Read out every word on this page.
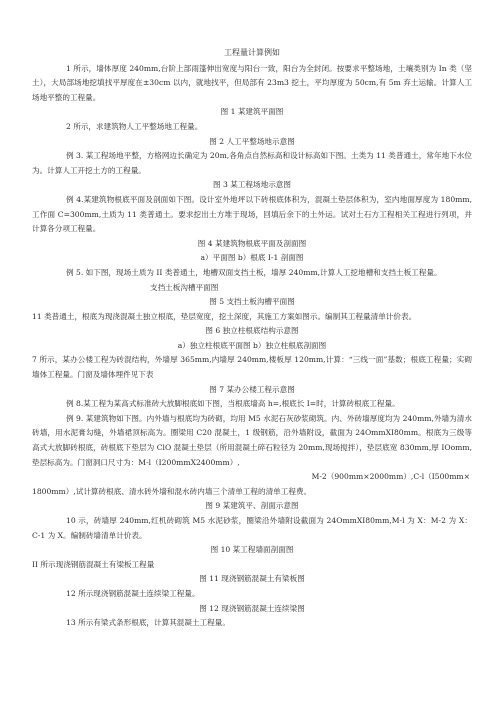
工程量计算例如

1 所示，墙体厚度 240mm,台阶上部雨篷伸出宽度与阳台一致，阳台为全封闭。按要求平整场地，土壤类别为 In 类（坚土），大局部场地挖填找平厚度在±30cm 以内，就地找平，但局部有 23m3 挖土，平均厚度为 50cm,有 5m 弃土运输。计算人工场地平整的工程量。

图 1 某建筑平面图

2 所示，求建筑物人工平整场地工程量。

图 2 人工平整场地示意图

例 3. 某工程场地平整，方格网边长确定为 20m,各角点自然标高和设计标高如下图。土类为 11 类普通土，常年地下水位为。计算人工开挖土方的工程量。

图 3 某工程场地示意图

例 4.某建筑物根底平面及剖面如下图。设计室外地坪以下砖根底体积为，混凝土垫层体积为，室内地面厚度为 180mm,工作面 C=300mm,土质为 11 类普通土。要求挖出土方堆于现场，回填后余下的土外运。试对土石方工程相关工程进行列项，并计算各分项工程量。

图 4 某建筑物根底平面及剖面图

a）平面图 b）根底 I-1 剖面图

例 5. 如下图，现场土质为 II 类普通土，地槽双面支挡土板，墙厚 240mm,计算人工挖地槽和支挡土板工程量。

支挡土板沟槽平面图

图 5 支挡土板沟槽平面图

11 类普通土，根底为现浇混凝土独立根底，垫层宽度，挖土深度，其施工方案如图示。编制其工程量清单计价表。

图 6 独立柱根底结构示意图

a）独立柱根底平面图 b）独立柱根底剖面图

7 所示，某办公楼工程为砖混结构，外墙厚 365mm,内墙厚 240mm,楼板厚 120mm,计算：“三线一面”基数；根底工程量；实砌墙体工程量。门窗及墙体埋件见下表

图 7 某办公楼工程示意图

例 8.某工程为某高式标准砖大放脚根底如下图，当根底墙高 h=,根底长 I=时，计算砖根底工程量。

例 9. 某建筑物如下图。内外墙与根底均为砖砌，均用 M5 水泥石灰砂浆砌筑。内、外砖墙厚度均为 240mm,外墙为清水砖墙，用水泥膏勾缝，外墙裙顶标高为。圈梁用 C20 混凝土，1 级钢筋，沿外墙附设，截面为 24OmmXI80mm。根底为三级等高式大放脚砖根底，砖根底下垫层为 ClO 混凝土垫层（所用混凝土碎石粒径为 20mm,现场搅拌），垫层底宽 830mm,厚 IOomm,垫层标高为。门窗洞口尺寸为：M-l（I200mmX2400mm）,

M-2（900mm×2000mm）,C-l（I500mm×

1800mm）,试计算砖根底、清水砖外墙和混水砖内墙三个清单工程的清单工程费。

图 9 某建筑平、剖面示意图

10 示，砖墙厚 240mm,红机砖砌筑 M5 水泥砂浆，圈梁沿外墙附设截面为 24OmmXI80mm,M-l 为 X：M-2 为 X：C-1 为 X。编制砖墙清单计价表。

图 10 某工程墙面剖面图

II 所示现浇钢筋混凝土有梁板工程量

图 11 现浇钢筋混凝土有梁板图

12 所示现浇钢筋混凝土连续梁工程量。

图 12 现浇钢筋混凝土连续梁图

13 所示有梁式条形根底，计算其混凝土工程量。
